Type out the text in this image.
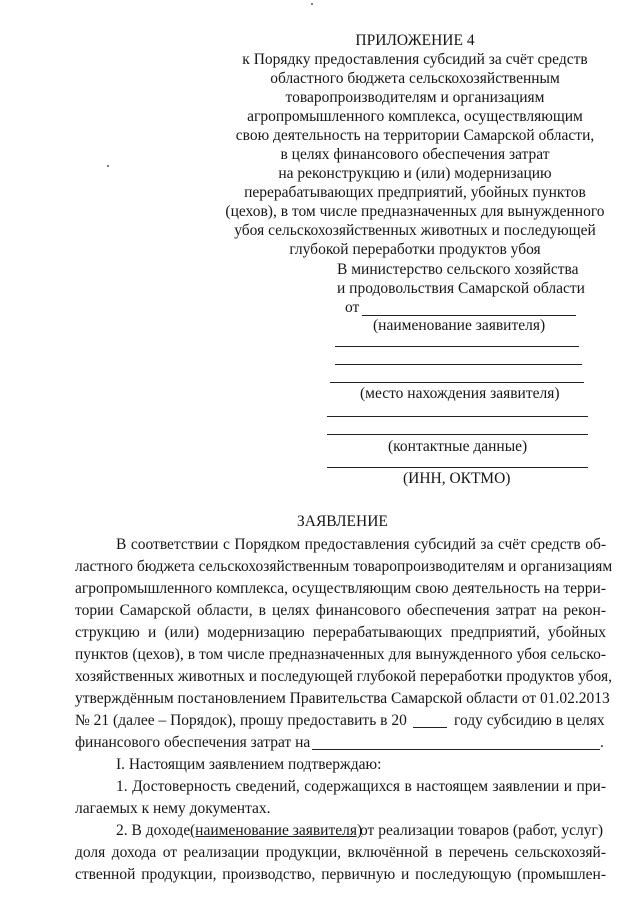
ПРИЛОЖЕНИЕ 4
к Порядку предоставления субсидий за счёт средств
областного бюджета сельскохозяйственным
товаропроизводителям и организациям
агропромышленного комплекса, осуществляющим
свою деятельность на территории Самарской области,
в целях финансового обеспечения затрат
на реконструкцию и (или) модернизацию
перерабатывающих предприятий, убойных пунктов
(цехов), в том числе предназначенных для вынужденного
убоя сельскохозяйственных животных и последующей
глубокой переработки продуктов убоя
В министерство сельского хозяйства
и продовольствия Самарской области
от
(наименование заявителя)
(место нахождения заявителя)
(контактные данные)
(ИНН, ОКТМО)
ЗАЯВЛЕНИЕ
В соответствии с Порядком предоставления субсидий за счёт средств об-
ластного бюджета сельскохозяйственным товаропроизводителям и организациям
агропромышленного комплекса, осуществляющим свою деятельность на терри-
тории Самарской области, в целях финансового обеспечения затрат на рекон-
струкцию и (или) модернизацию перерабатывающих предприятий, убойных
пунктов (цехов), в том числе предназначенных для вынужденного убоя сельско-
хозяйственных животных и последующей глубокой переработки продуктов убоя,
утверждённым постановлением Правительства Самарской области от 01.02.2013
№ 21 (далее – Порядок), прошу предоставить в 20	году субсидию в целях
финансового обеспечения затрат на	.
I. Настоящим заявлением подтверждаю:
1. Достоверность сведений, содержащихся в настоящем заявлении и при-
лагаемых к нему документах.
2. В доходе (наименование заявителя)
от реализации товаров (работ, услуг)
доля дохода от реализации продукции, включённой в перечень сельскохозяй-
ственной продукции, производство, первичную и последующую (промышлен-
